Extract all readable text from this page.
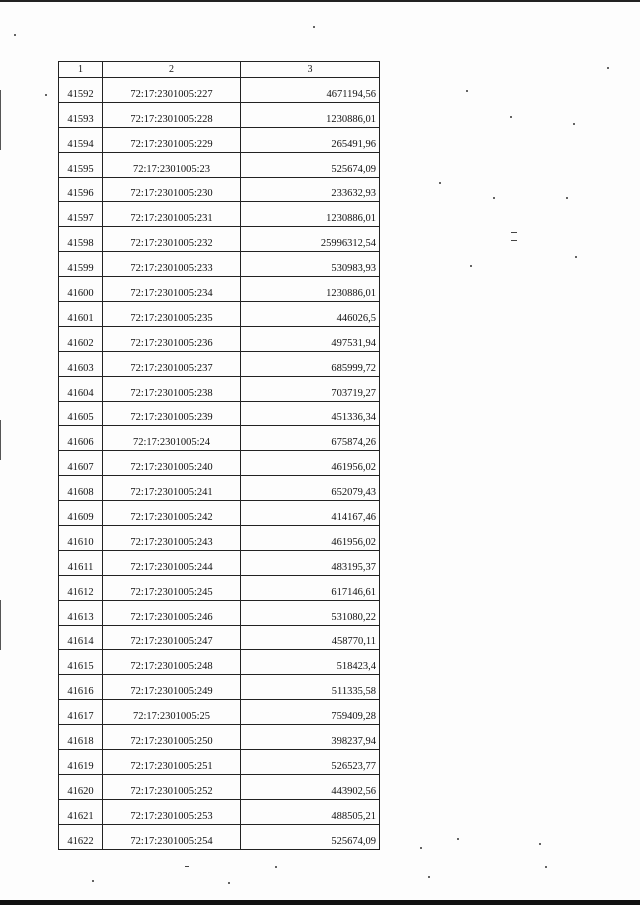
1	2	3
41592	72:17:2301005:227	4671194,56
41593	72:17:2301005:228	1230886,01
41594	72:17:2301005:229	265491,96
41595	72:17:2301005:23	525674,09
41596	72:17:2301005:230	233632,93
41597	72:17:2301005:231	1230886,01
41598	72:17:2301005:232	25996312,54
41599	72:17:2301005:233	530983,93
41600	72:17:2301005:234	1230886,01
41601	72:17:2301005:235	446026,5
41602	72:17:2301005:236	497531,94
41603	72:17:2301005:237	685999,72
41604	72:17:2301005:238	703719,27
41605	72:17:2301005:239	451336,34
41606	72:17:2301005:24	675874,26
41607	72:17:2301005:240	461956,02
41608	72:17:2301005:241	652079,43
41609	72:17:2301005:242	414167,46
41610	72:17:2301005:243	461956,02
41611	72:17:2301005:244	483195,37
41612	72:17:2301005:245	617146,61
41613	72:17:2301005:246	531080,22
41614	72:17:2301005:247	458770,11
41615	72:17:2301005:248	518423,4
41616	72:17:2301005:249	511335,58
41617	72:17:2301005:25	759409,28
41618	72:17:2301005:250	398237,94
41619	72:17:2301005:251	526523,77
41620	72:17:2301005:252	443902,56
41621	72:17:2301005:253	488505,21
41622	72:17:2301005:254	525674,09
